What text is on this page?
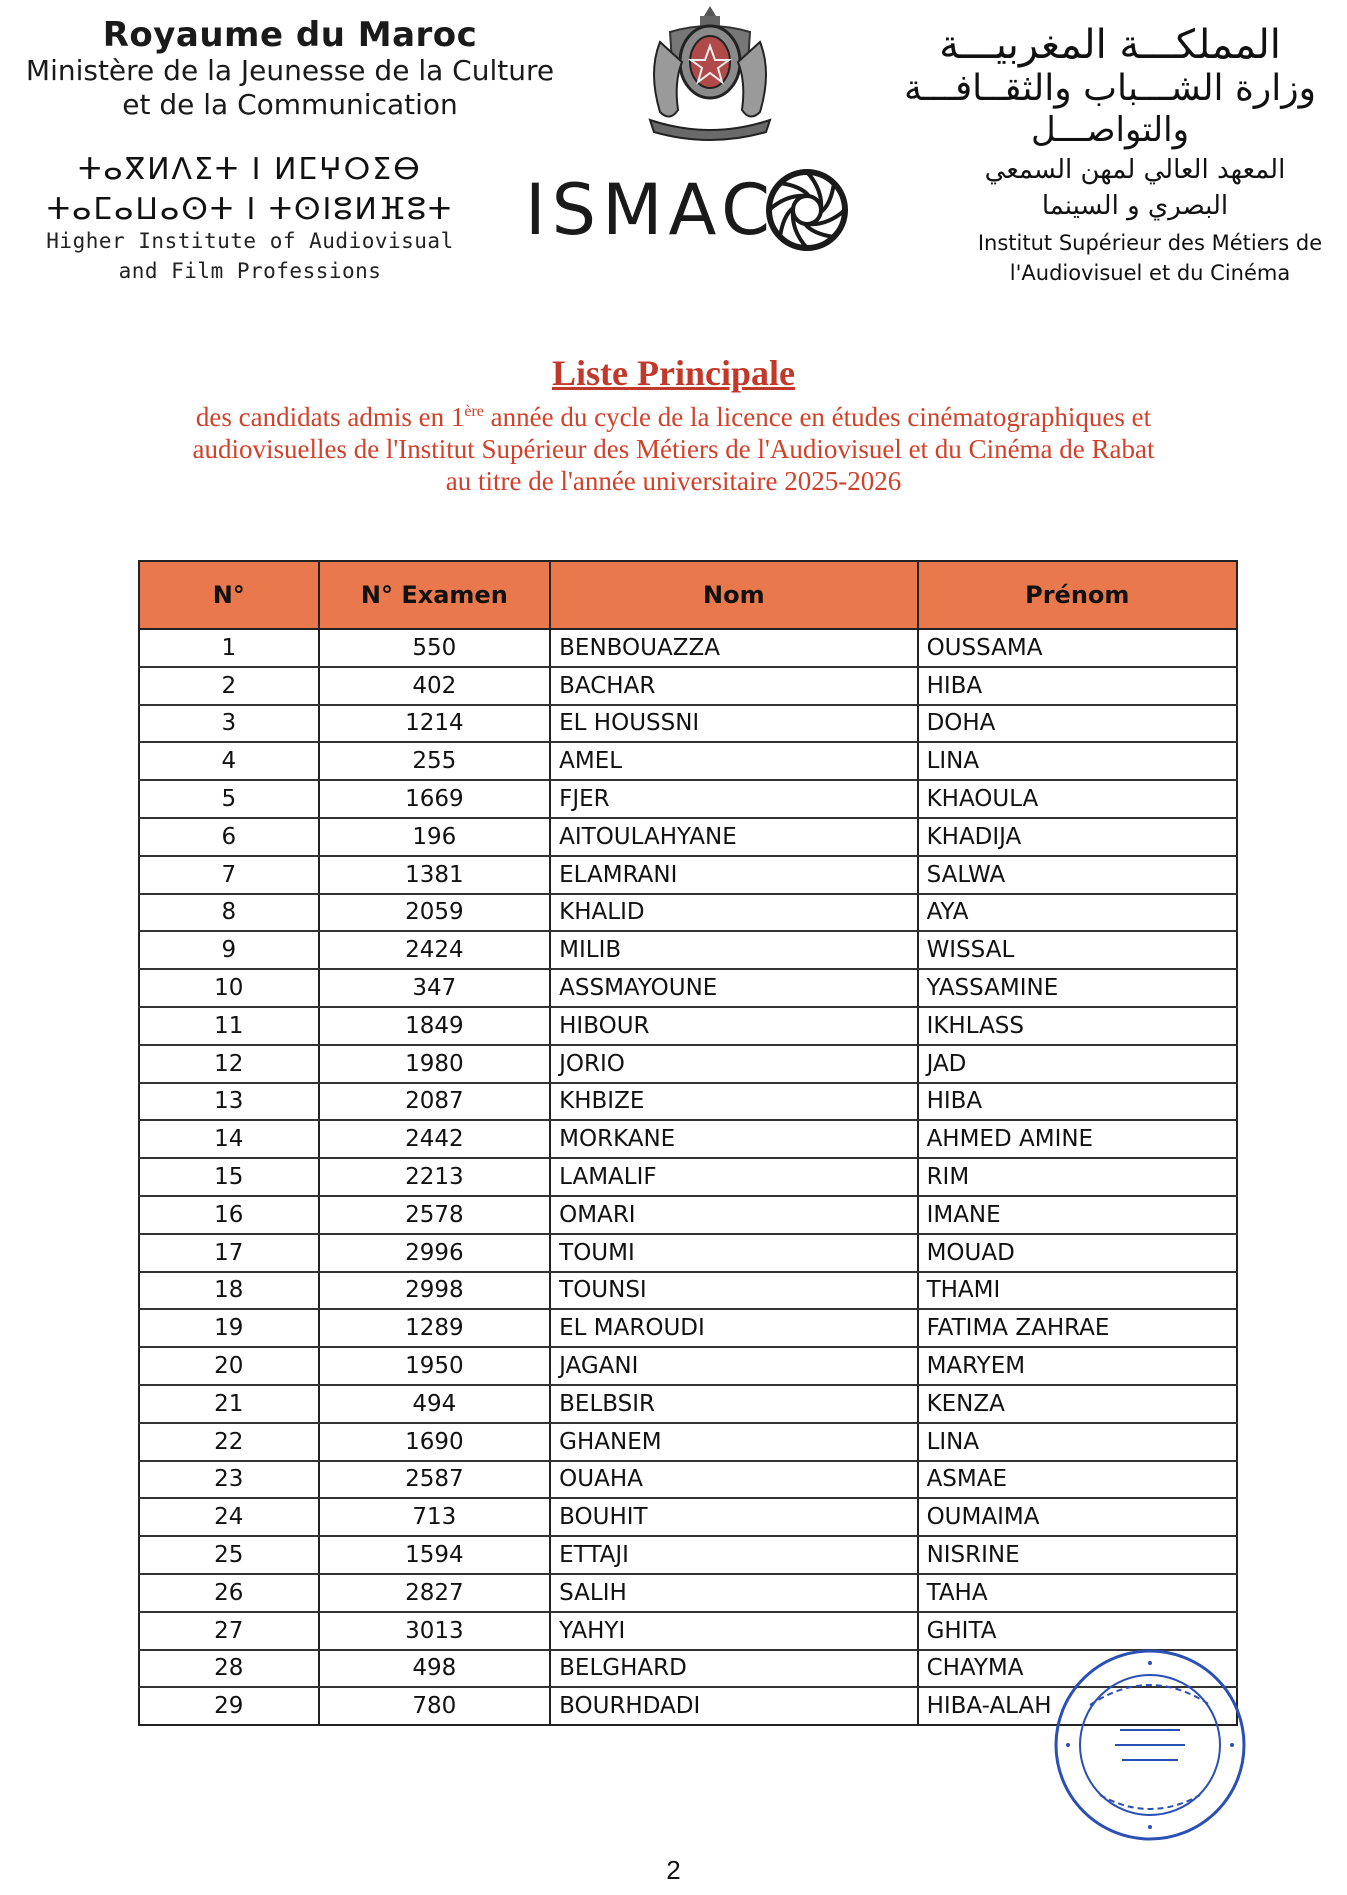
Royaume du Maroc
Ministère de la Jeunesse de la Culture
et de la Communication
المملكـــة المغربيـــة
وزارة الشـــباب والثقــافـــة
والتواصـــل
ⵜⴰⴳⵍⴷⵉⵜ ⵏ ⵍⵎⵖⵔⵉⴱ
ⵜⴰⵎⴰⵡⴰⵙⵜ ⵏ ⵜⵙⵏⵓⵍⴼⵓⵜ
Higher Institute of Audiovisual
and Film Professions
ISMAC	المعهد العالي لمهن السمعي
البصري و السينما
Institut Supérieur des Métiers de
l'Audiovisuel et du Cinéma
Liste Principale
des candidats admis en 1ère année du cycle de la licence en études cinématographiques et
audiovisuelles de l'Institut Supérieur des Métiers de l'Audiovisuel et du Cinéma de Rabat
au titre de l'année universitaire 2025-2026
N°	N° Examen	Nom	Prénom
1	550	BENBOUAZZA	OUSSAMA
2	402	BACHAR	HIBA
3	1214	EL HOUSSNI	DOHA
4	255	AMEL	LINA
5	1669	FJER	KHAOULA
6	196	AITOULAHYANE	KHADIJA
7	1381	ELAMRANI	SALWA
8	2059	KHALID	AYA
9	2424	MILIB	WISSAL
10	347	ASSMAYOUNE	YASSAMINE
11	1849	HIBOUR	IKHLASS
12	1980	JORIO	JAD
13	2087	KHBIZE	HIBA
14	2442	MORKANE	AHMED AMINE
15	2213	LAMALIF	RIM
16	2578	OMARI	IMANE
17	2996	TOUMI	MOUAD
18	2998	TOUNSI	THAMI
19	1289	EL MAROUDI	FATIMA ZAHRAE
20	1950	JAGANI	MARYEM
21	494	BELBSIR	KENZA
22	1690	GHANEM	LINA
23	2587	OUAHA	ASMAE
24	713	BOUHIT	OUMAIMA
25	1594	ETTAJI	NISRINE
26	2827	SALIH	TAHA
27	3013	YAHYI	GHITA
28	498	BELGHARD	CHAYMA
29	780	BOURHDADI	HIBA-ALAH
2
